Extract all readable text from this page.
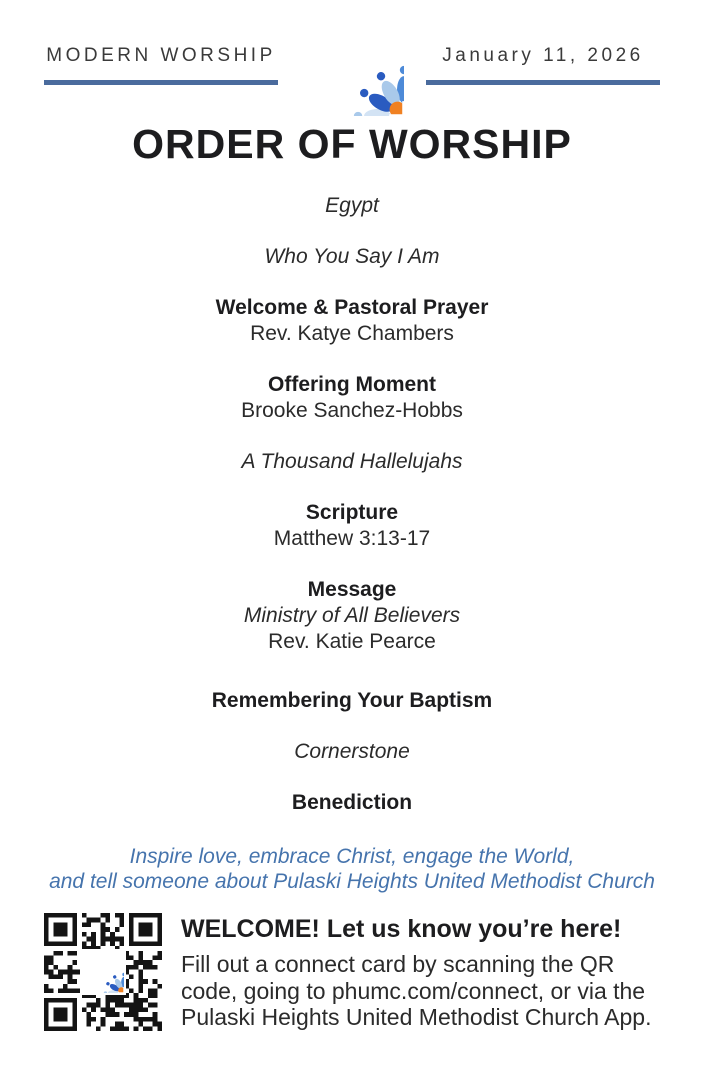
MODERN WORSHIP	January 11, 2026
ORDER OF WORSHIP
Egypt
Who You Say I Am
Welcome & Pastoral Prayer
Rev. Katye Chambers
Offering Moment
Brooke Sanchez-Hobbs
A Thousand Hallelujahs
Scripture
Matthew 3:13-17
Message
Ministry of All Believers
Rev. Katie Pearce
Remembering Your Baptism
Cornerstone
Benediction
Inspire love, embrace Christ, engage the World,
and tell someone about Pulaski Heights United Methodist Church
WELCOME! Let us know you’re here!
Fill out a connect card by scanning the QR
code, going to phumc.com/connect, or via the
Pulaski Heights United Methodist Church App.
